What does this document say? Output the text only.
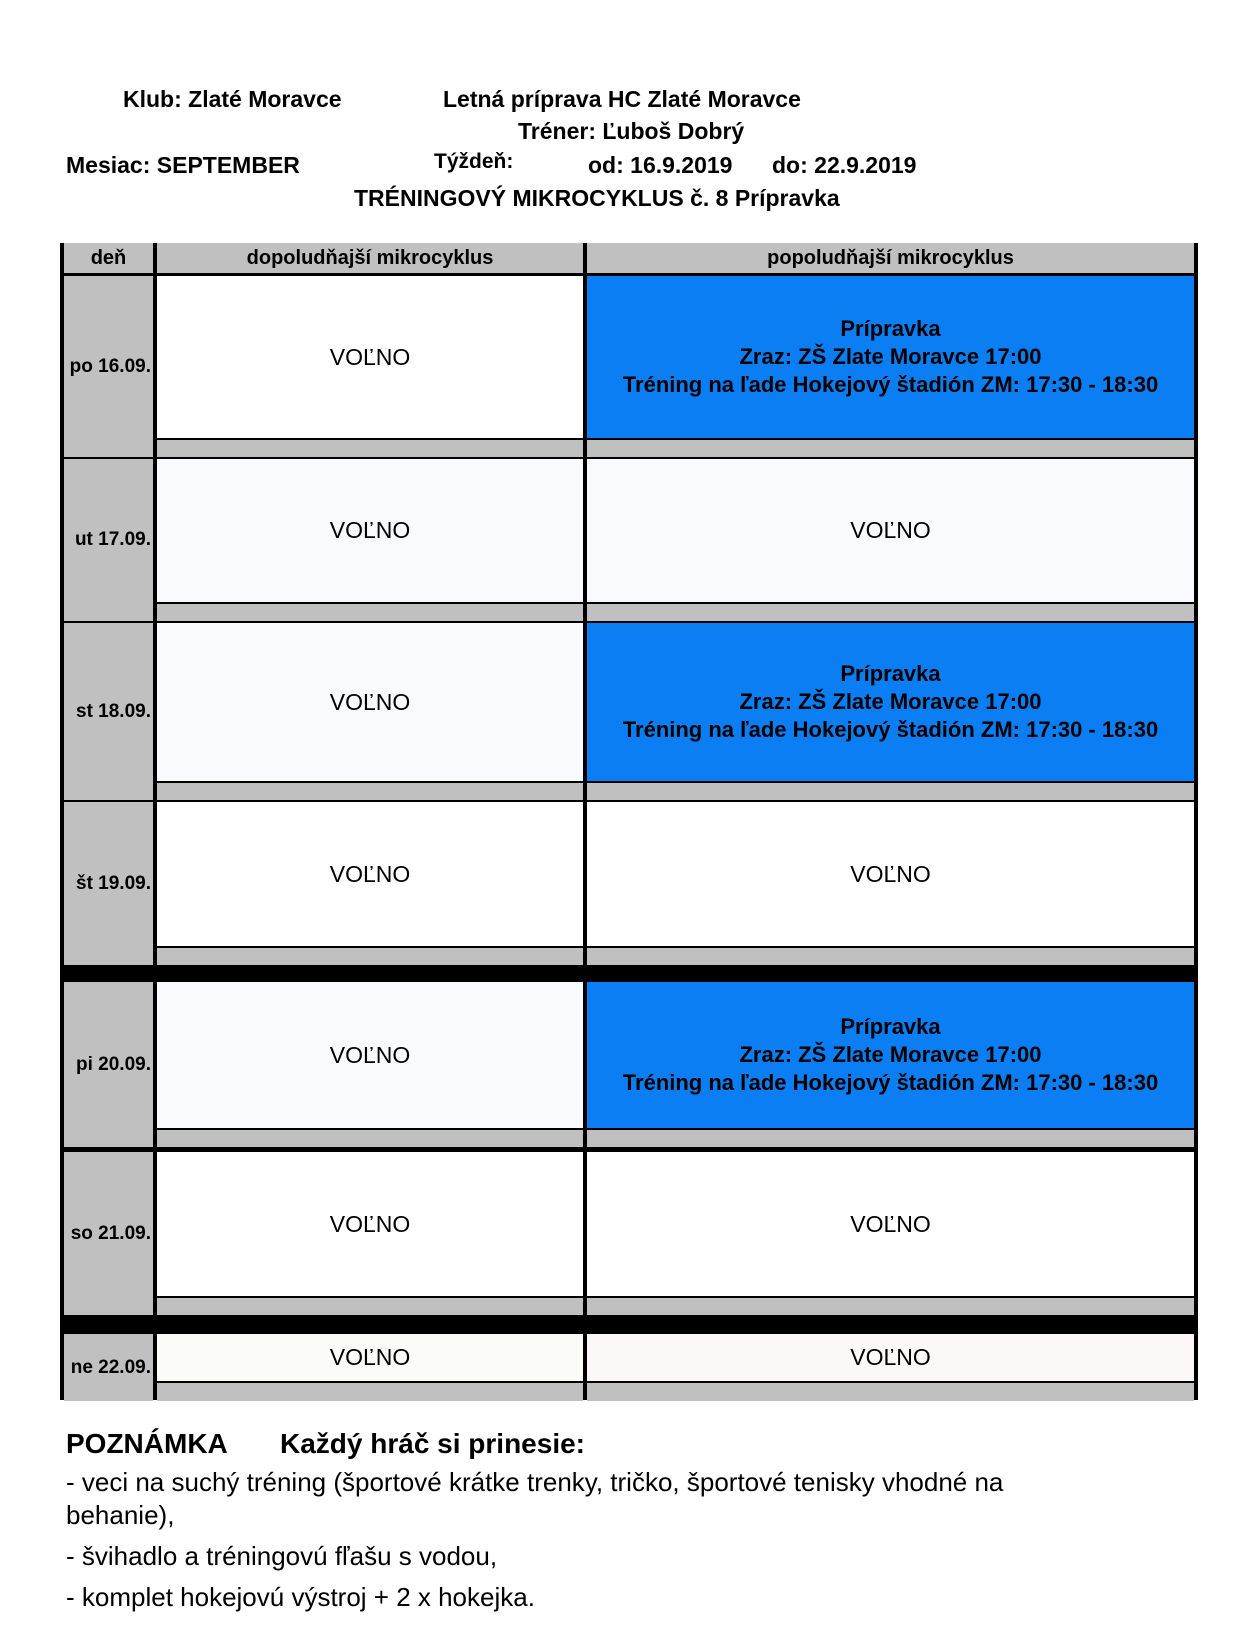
Klub: Zlaté Moravce	Letná príprava HC Zlaté Moravce
Tréner: Ľuboš Dobrý
Mesiac: SEPTEMBER	Týždeň:	od: 16.9.2019 do: 22.9.2019
TRÉNINGOVÝ MIKROCYKLUS č. 8 Prípravka
deň	dopoludňajší mikrocyklus	popoludňajší mikrocyklus
po 16.09.	VOĽNO
Prípravka
Zraz: ZŠ Zlate Moravce 17:00
Tréning na ľade Hokejový štadión ZM: 17:30 - 18:30
ut 17.09.	VOĽNO	VOĽNO
st 18.09.	VOĽNO
Prípravka
Zraz: ZŠ Zlate Moravce 17:00
Tréning na ľade Hokejový štadión ZM: 17:30 - 18:30
št 19.09.	VOĽNO	VOĽNO
pi 20.09.	VOĽNO
Prípravka
Zraz: ZŠ Zlate Moravce 17:00
Tréning na ľade Hokejový štadión ZM: 17:30 - 18:30
so 21.09.	VOĽNO	VOĽNO
ne 22.09.	VOĽNO	VOĽNO
POZNÁMKA Každý hráč si prinesie:
- veci na suchý tréning (športové krátke trenky, tričko, športové tenisky vhodné na
behanie),
- švihadlo a tréningovú fľašu s vodou,
- komplet hokejovú výstroj + 2 x hokejka.
